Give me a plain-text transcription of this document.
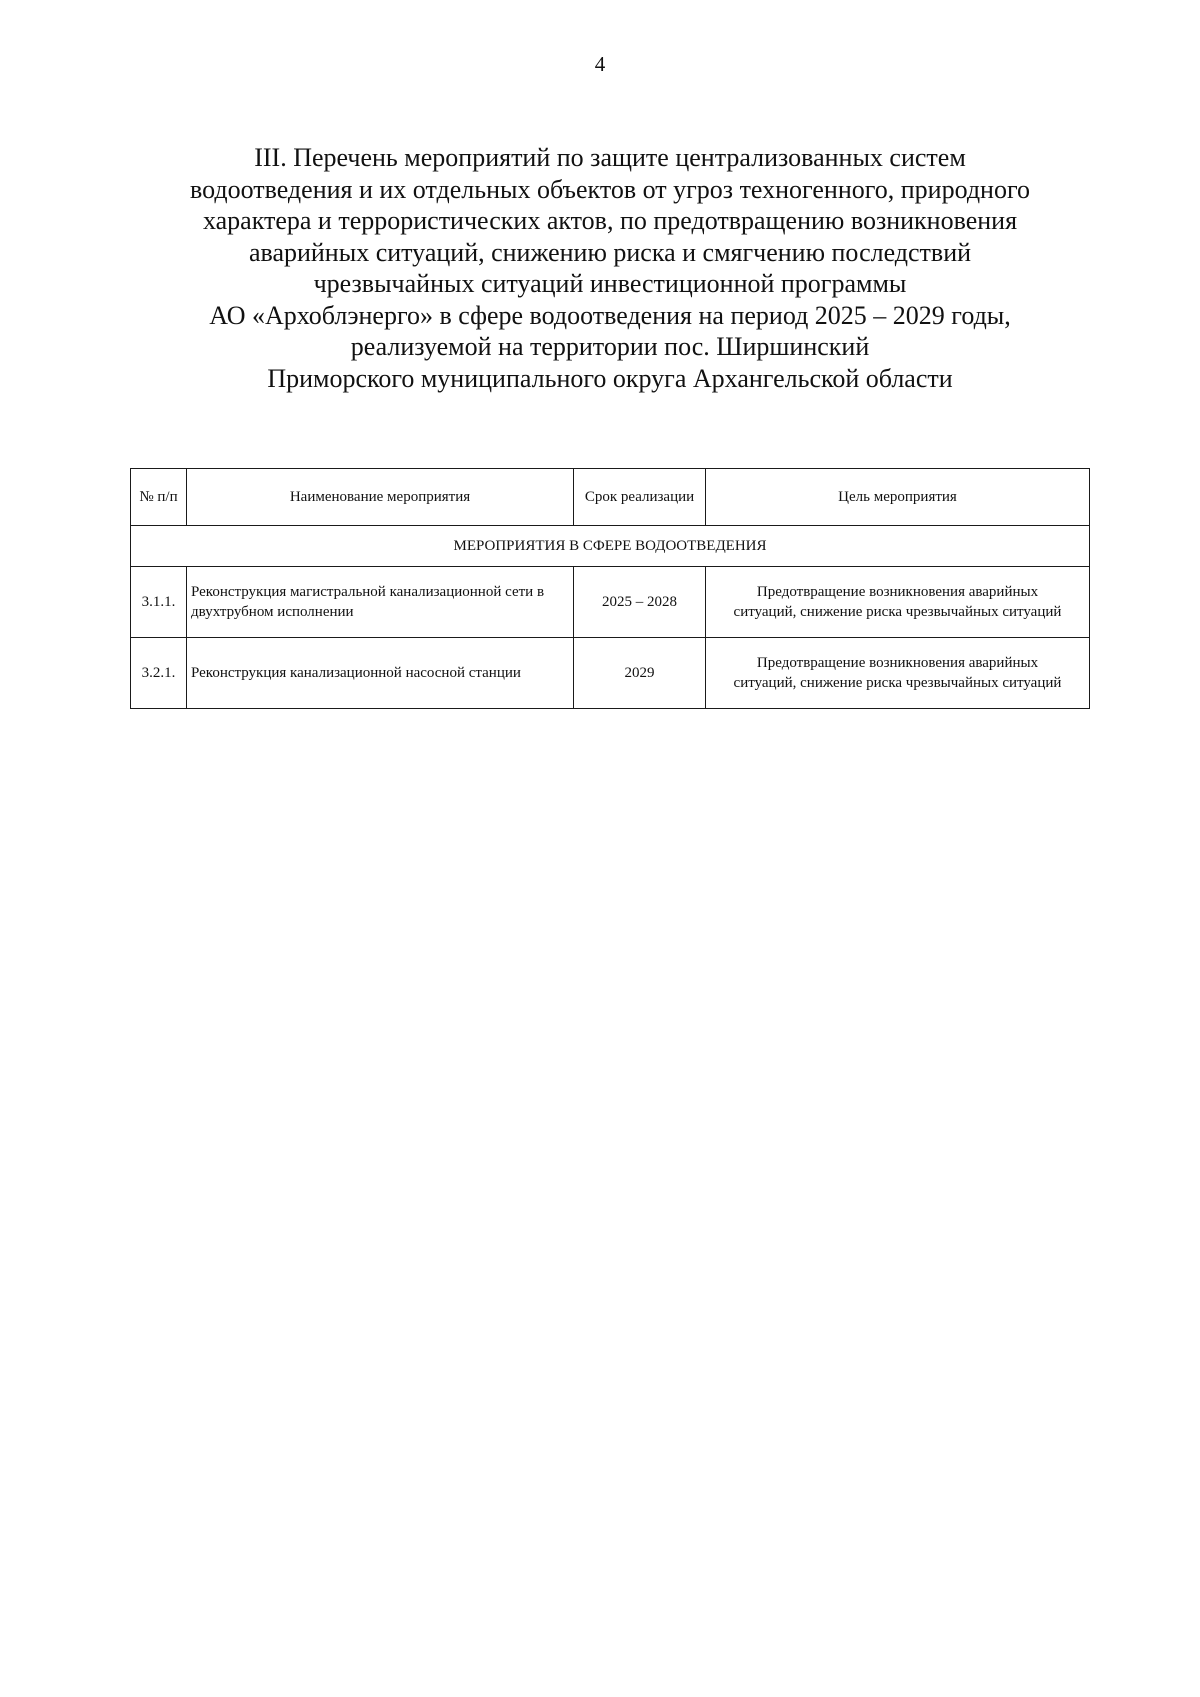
4
III. Перечень мероприятий по защите централизованных систем
водоотведения и их отдельных объектов от угроз техногенного, природного
характера и террористических актов, по предотвращению возникновения
аварийных ситуаций, снижению риска и смягчению последствий
чрезвычайных ситуаций инвестиционной программы
АО «Архоблэнерго» в сфере водоотведения на период 2025 – 2029 годы,
реализуемой на территории пос. Ширшинский
Приморского муниципального округа Архангельской области
№ п/п	Наименование мероприятия	Срок реализации	Цель мероприятия
МЕРОПРИЯТИЯ В СФЕРЕ ВОДООТВЕДЕНИЯ			
3.1.1.	Реконструкция магистральной канализационной сети в двухтрубном исполнении	2025 – 2028	Предотвращение возникновения аварийных
ситуаций, снижение риска чрезвычайных ситуаций
3.2.1.	Реконструкция канализационной насосной станции	2029	Предотвращение возникновения аварийных
ситуаций, снижение риска чрезвычайных ситуаций
